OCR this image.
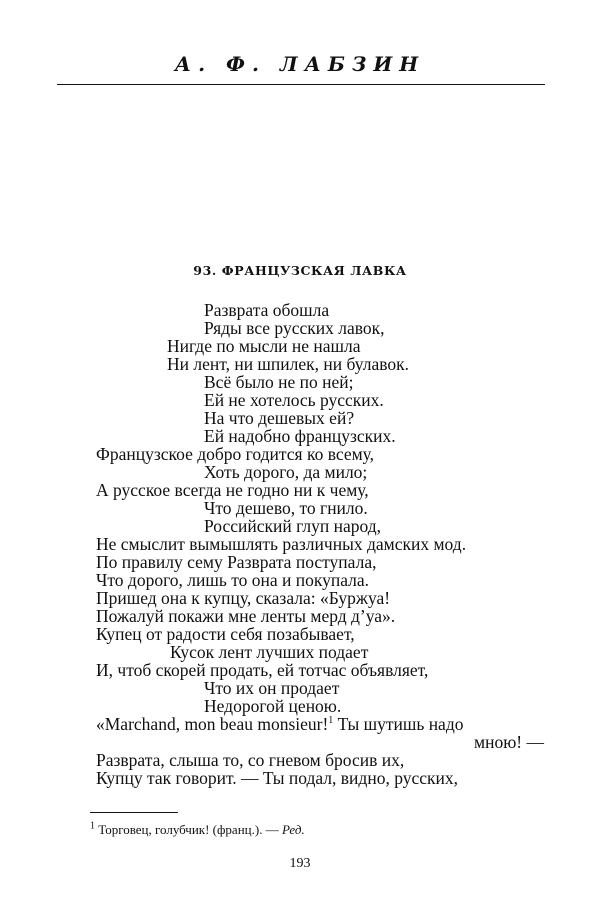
А. Ф. ЛАБЗИН
93. ФРАНЦУЗСКАЯ ЛАВКА
Разврата обошла
Ряды все русских лавок,
Нигде по мысли не нашла
Ни лент, ни шпилек, ни булавок.
Всё было не по ней;
Ей не хотелось русских.
На что дешевых ей?
Ей надобно французских.
Французское добро годится ко всему,
Хоть дорого, да мило;
А русское всегда не годно ни к чему,
Что дешево, то гнило.
Российский глуп народ,
Не смыслит вымышлять различных дамских мод.
По правилу сему Разврата поступала,
Что дорого, лишь то она и покупала.
Пришед она к купцу, сказала: «Буржуа!
Пожалуй покажи мне ленты мерд д’уа».
Купец от радости себя позабывает,
Кусок лент лучших подает
И, чтоб скорей продать, ей тотчас объявляет,
Что их он продает
Недорогой ценою.
«Marchand, mon beau monsieur!$^1$ Ты шутишь надо
мною! —
Разврата, слыша то, со гневом бросив их,
Купцу так говорит. — Ты подал, видно, русских,
$^1$ Торговец, голубчик! (франц.). — Ред.
193
